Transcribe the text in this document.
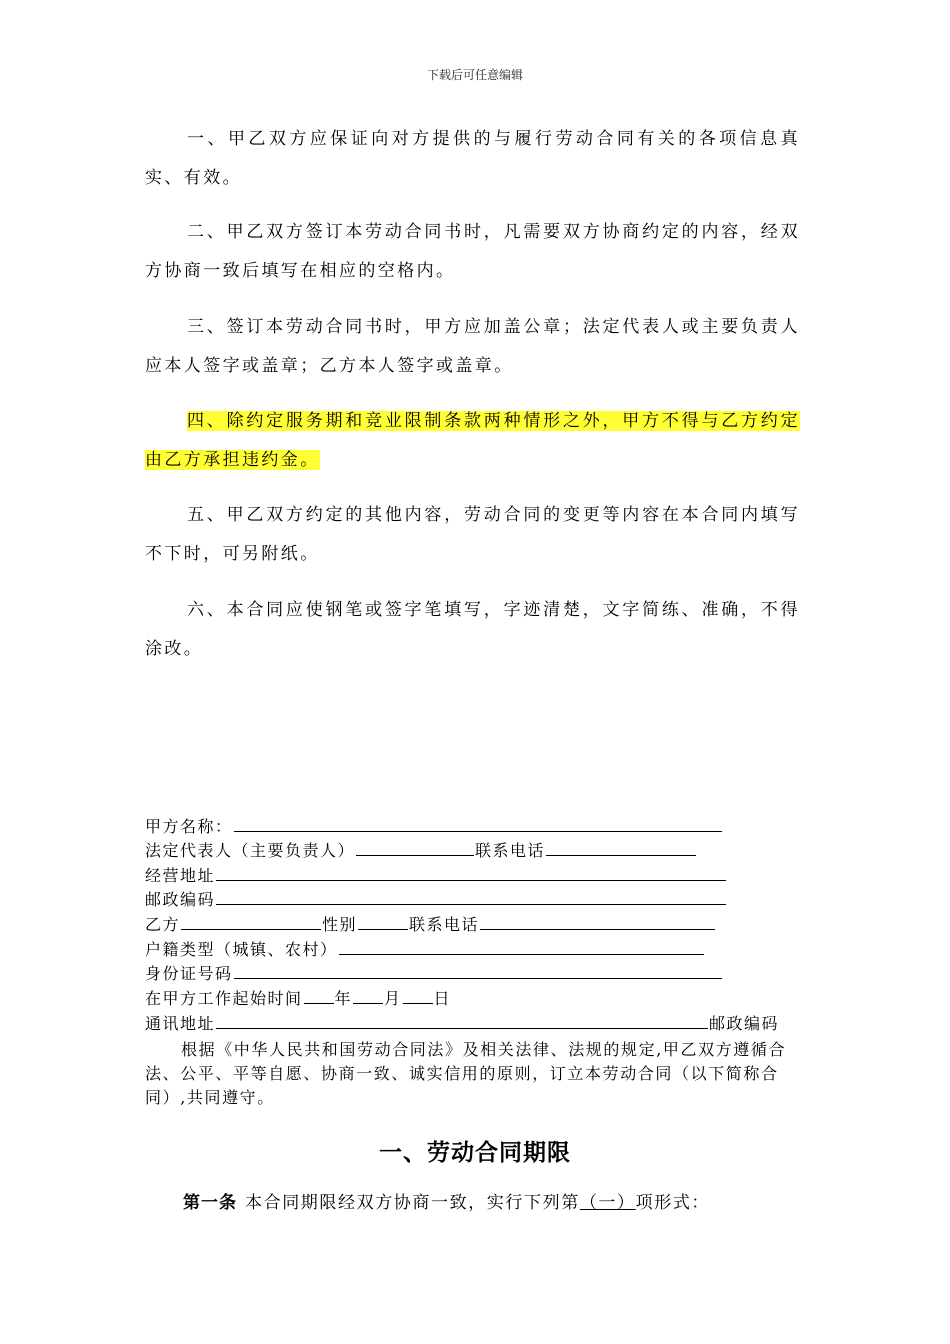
下载后可任意编辑

一、甲乙双方应保证向对方提供的与履行劳动合同有关的各项信息真实、有效。

二、甲乙双方签订本劳动合同书时，凡需要双方协商约定的内容，经双方协商一致后填写在相应的空格内。

三、签订本劳动合同书时，甲方应加盖公章；法定代表人或主要负责人应本人签字或盖章；乙方本人签字或盖章。

四、除约定服务期和竞业限制条款两种情形之外，甲方不得与乙方约定由乙方承担违约金。

五、甲乙双方约定的其他内容，劳动合同的变更等内容在本合同内填写不下时，可另附纸。

六、本合同应使钢笔或签字笔填写，字迹清楚，文字简练、准确，不得涂改。

甲方名称：
法定代表人（主要负责人）	联系电话
经营地址
邮政编码
乙方	性别	联系电话
户籍类型（城镇、农村）
身份证号码
在甲方工作起始时间 年 月 日
通讯地址	邮政编码

根据《中华人民共和国劳动合同法》及相关法律、法规的规定,甲乙双方遵循合法、公平、平等自愿、协商一致、诚实信用的原则，订立本劳动合同（以下简称合同）,共同遵守。

一、劳动合同期限
第一条 本合同期限经双方协商一致，实行下列第（一）项形式：
